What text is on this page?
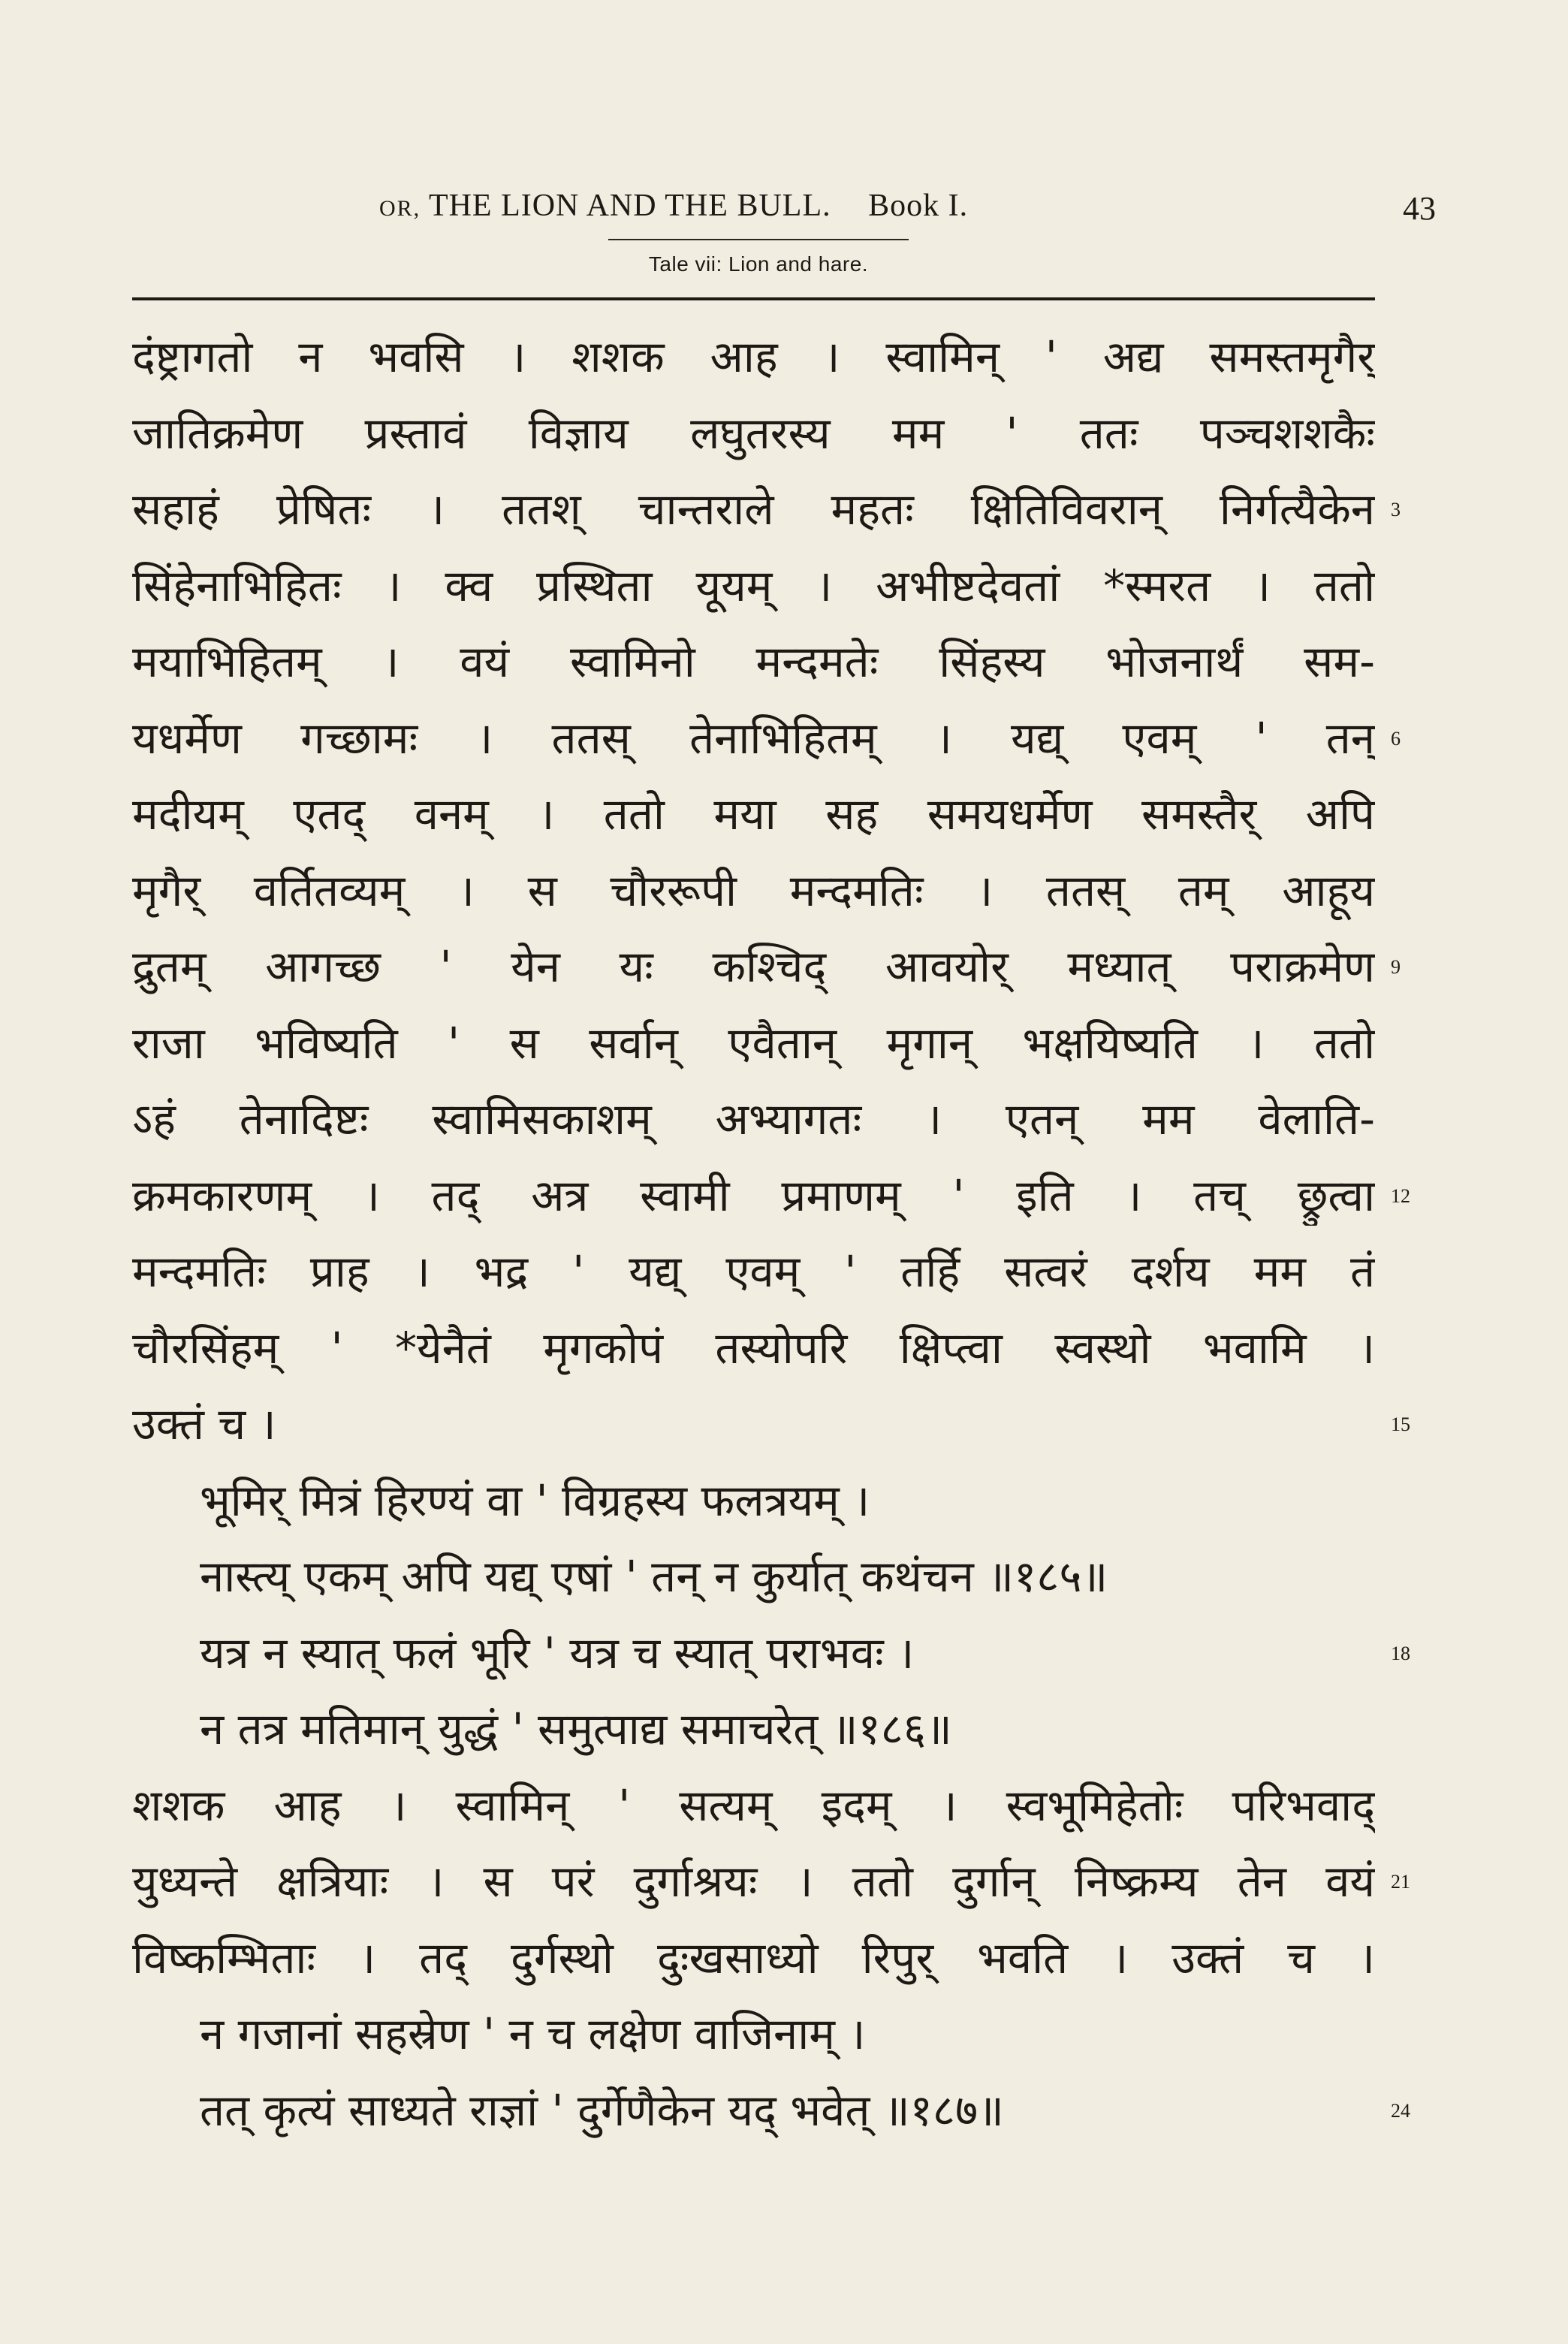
OR, THE LION AND THE BULL. Book I.	43
Tale vii: Lion and hare.
दंष्ट्रागतो न भवसि । शशक आह । स्वामिन् ' अद्य समस्तमृगैर्
जातिक्रमेण प्रस्तावं विज्ञाय लघुतरस्य मम ' ततः पञ्चशशकैः
सहाहं प्रेषितः । ततश् चान्तराले महतः क्षितिविवरान् निर्गत्यैकेन 3
सिंहेनाभिहितः । क्व प्रस्थिता यूयम् । अभीष्टदेवतां *स्मरत । ततो
मयाभिहितम् । वयं स्वामिनो मन्दमतेः सिंहस्य भोजनार्थं सम-
यधर्मेण गच्छामः । ततस् तेनाभिहितम् । यद्य् एवम् ' तन् 6
मदीयम् एतद् वनम् । ततो मया सह समयधर्मेण समस्तैर् अपि
मृगैर् वर्तितव्यम् । स चौररूपी मन्दमतिः । ततस् तम् आहूय
द्रुतम् आगच्छ ' येन यः कश्चिद् आवयोर् मध्यात् पराक्रमेण 9
राजा भविष्यति ' स सर्वान् एवैतान् मृगान् भक्षयिष्यति । ततो
ऽहं तेनादिष्टः स्वामिसकाशम् अभ्यागतः । एतन् मम वेलाति-
क्रमकारणम् । तद् अत्र स्वामी प्रमाणम् ' इति । तच् छ्रुत्वा 12
मन्दमतिः प्राह । भद्र ' यद्य् एवम् ' तर्हि सत्वरं दर्शय मम तं
चौरसिंहम् ' *येनैतं मृगकोपं तस्योपरि क्षिप्त्वा स्वस्थो भवामि ।
उक्तं च ।	15
भूमिर् मित्रं हिरण्यं वा ' विग्रहस्य फलत्रयम् ।
नास्त्य् एकम् अपि यद्य् एषां ' तन् न कुर्यात् कथंचन ॥१८५॥
यत्र न स्यात् फलं भूरि ' यत्र च स्यात् पराभवः ।	18
न तत्र मतिमान् युद्धं ' समुत्पाद्य समाचरेत् ॥१८६॥
शशक आह । स्वामिन् ' सत्यम् इदम् । स्वभूमिहेतोः परिभवाद्
युध्यन्ते क्षत्रियाः । स परं दुर्गाश्रयः । ततो दुर्गान् निष्क्रम्य तेन वयं 21
विष्कम्भिताः । तद् दुर्गस्थो दुःखसाध्यो रिपुर् भवति । उक्तं च ।
न गजानां सहस्रेण ' न च लक्षेण वाजिनाम् ।
तत् कृत्यं साध्यते राज्ञां ' दुर्गेणैकेन यद् भवेत् ॥१८७॥	24
